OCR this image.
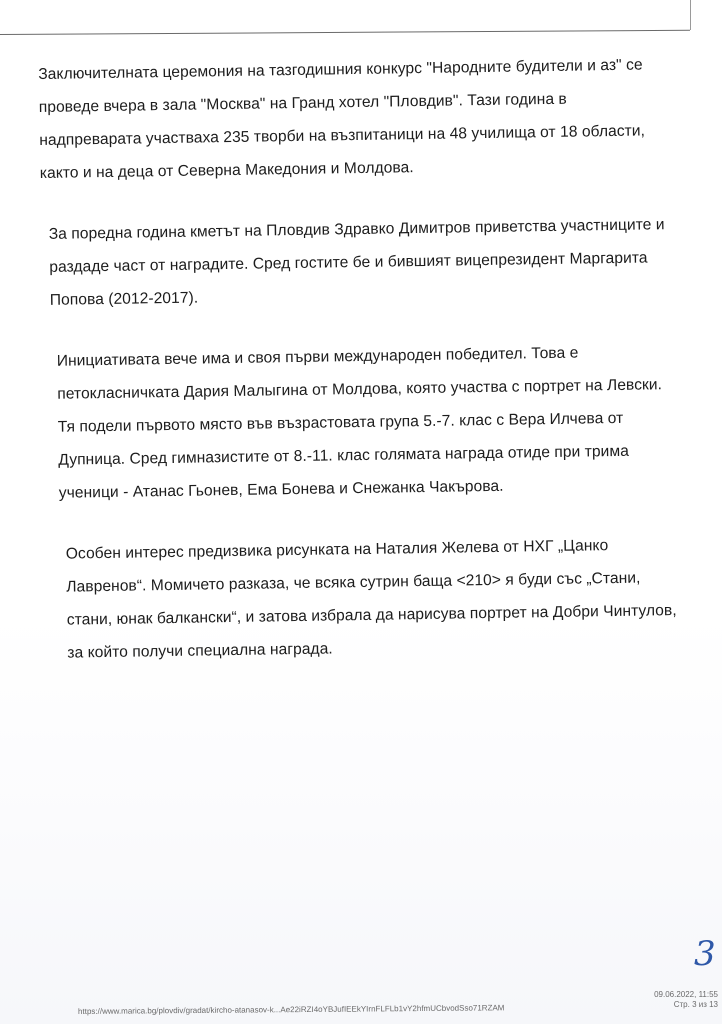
Заключителната церемония на тазгодишния конкурс "Народните будители и аз" се проведе вчера в зала "Москва" на Гранд хотел "Пловдив". Тази година в надпреварата участваха 235 творби на възпитаници на 48 училища от 18 области, както и на деца от Северна Македония и Молдова.

За поредна година кметът на Пловдив Здравко Димитров приветства участниците и раздаде част от наградите. Сред гостите бе и бившият вицепрезидент Маргарита Попова (2012-2017).

Инициативата вече има и своя първи международен победител. Това е петокласничката Дария Малыгина от Молдова, която участва с портрет на Левски. Тя подели първото място във възрастовата група 5.-7. клас с Вера Илчева от Дупница. Сред гимназистите от 8.-11. клас голямата награда отиде при трима ученици - Атанас Гьонев, Ема Бонева и Снежанка Чакърова.

Особен интерес предизвика рисунката на Наталия Желева от НХГ „Цанко Лавренов“. Момичето разказа, че всяка сутрин баща <210> я буди със „Стани, стани, юнак балкански“, и затова избрала да нарисува портрет на Добри Чинтулов, за който получи специална награда.

3
https://www.marica.bg/plovdiv/gradat/kircho-atanasov-k...Ae22iRZI4oYBJufIEEkYIrnFLFLb1vY2hfmUCbvodSso71RZAM
09.06.2022, 11:55
Стр. 3 из 13
